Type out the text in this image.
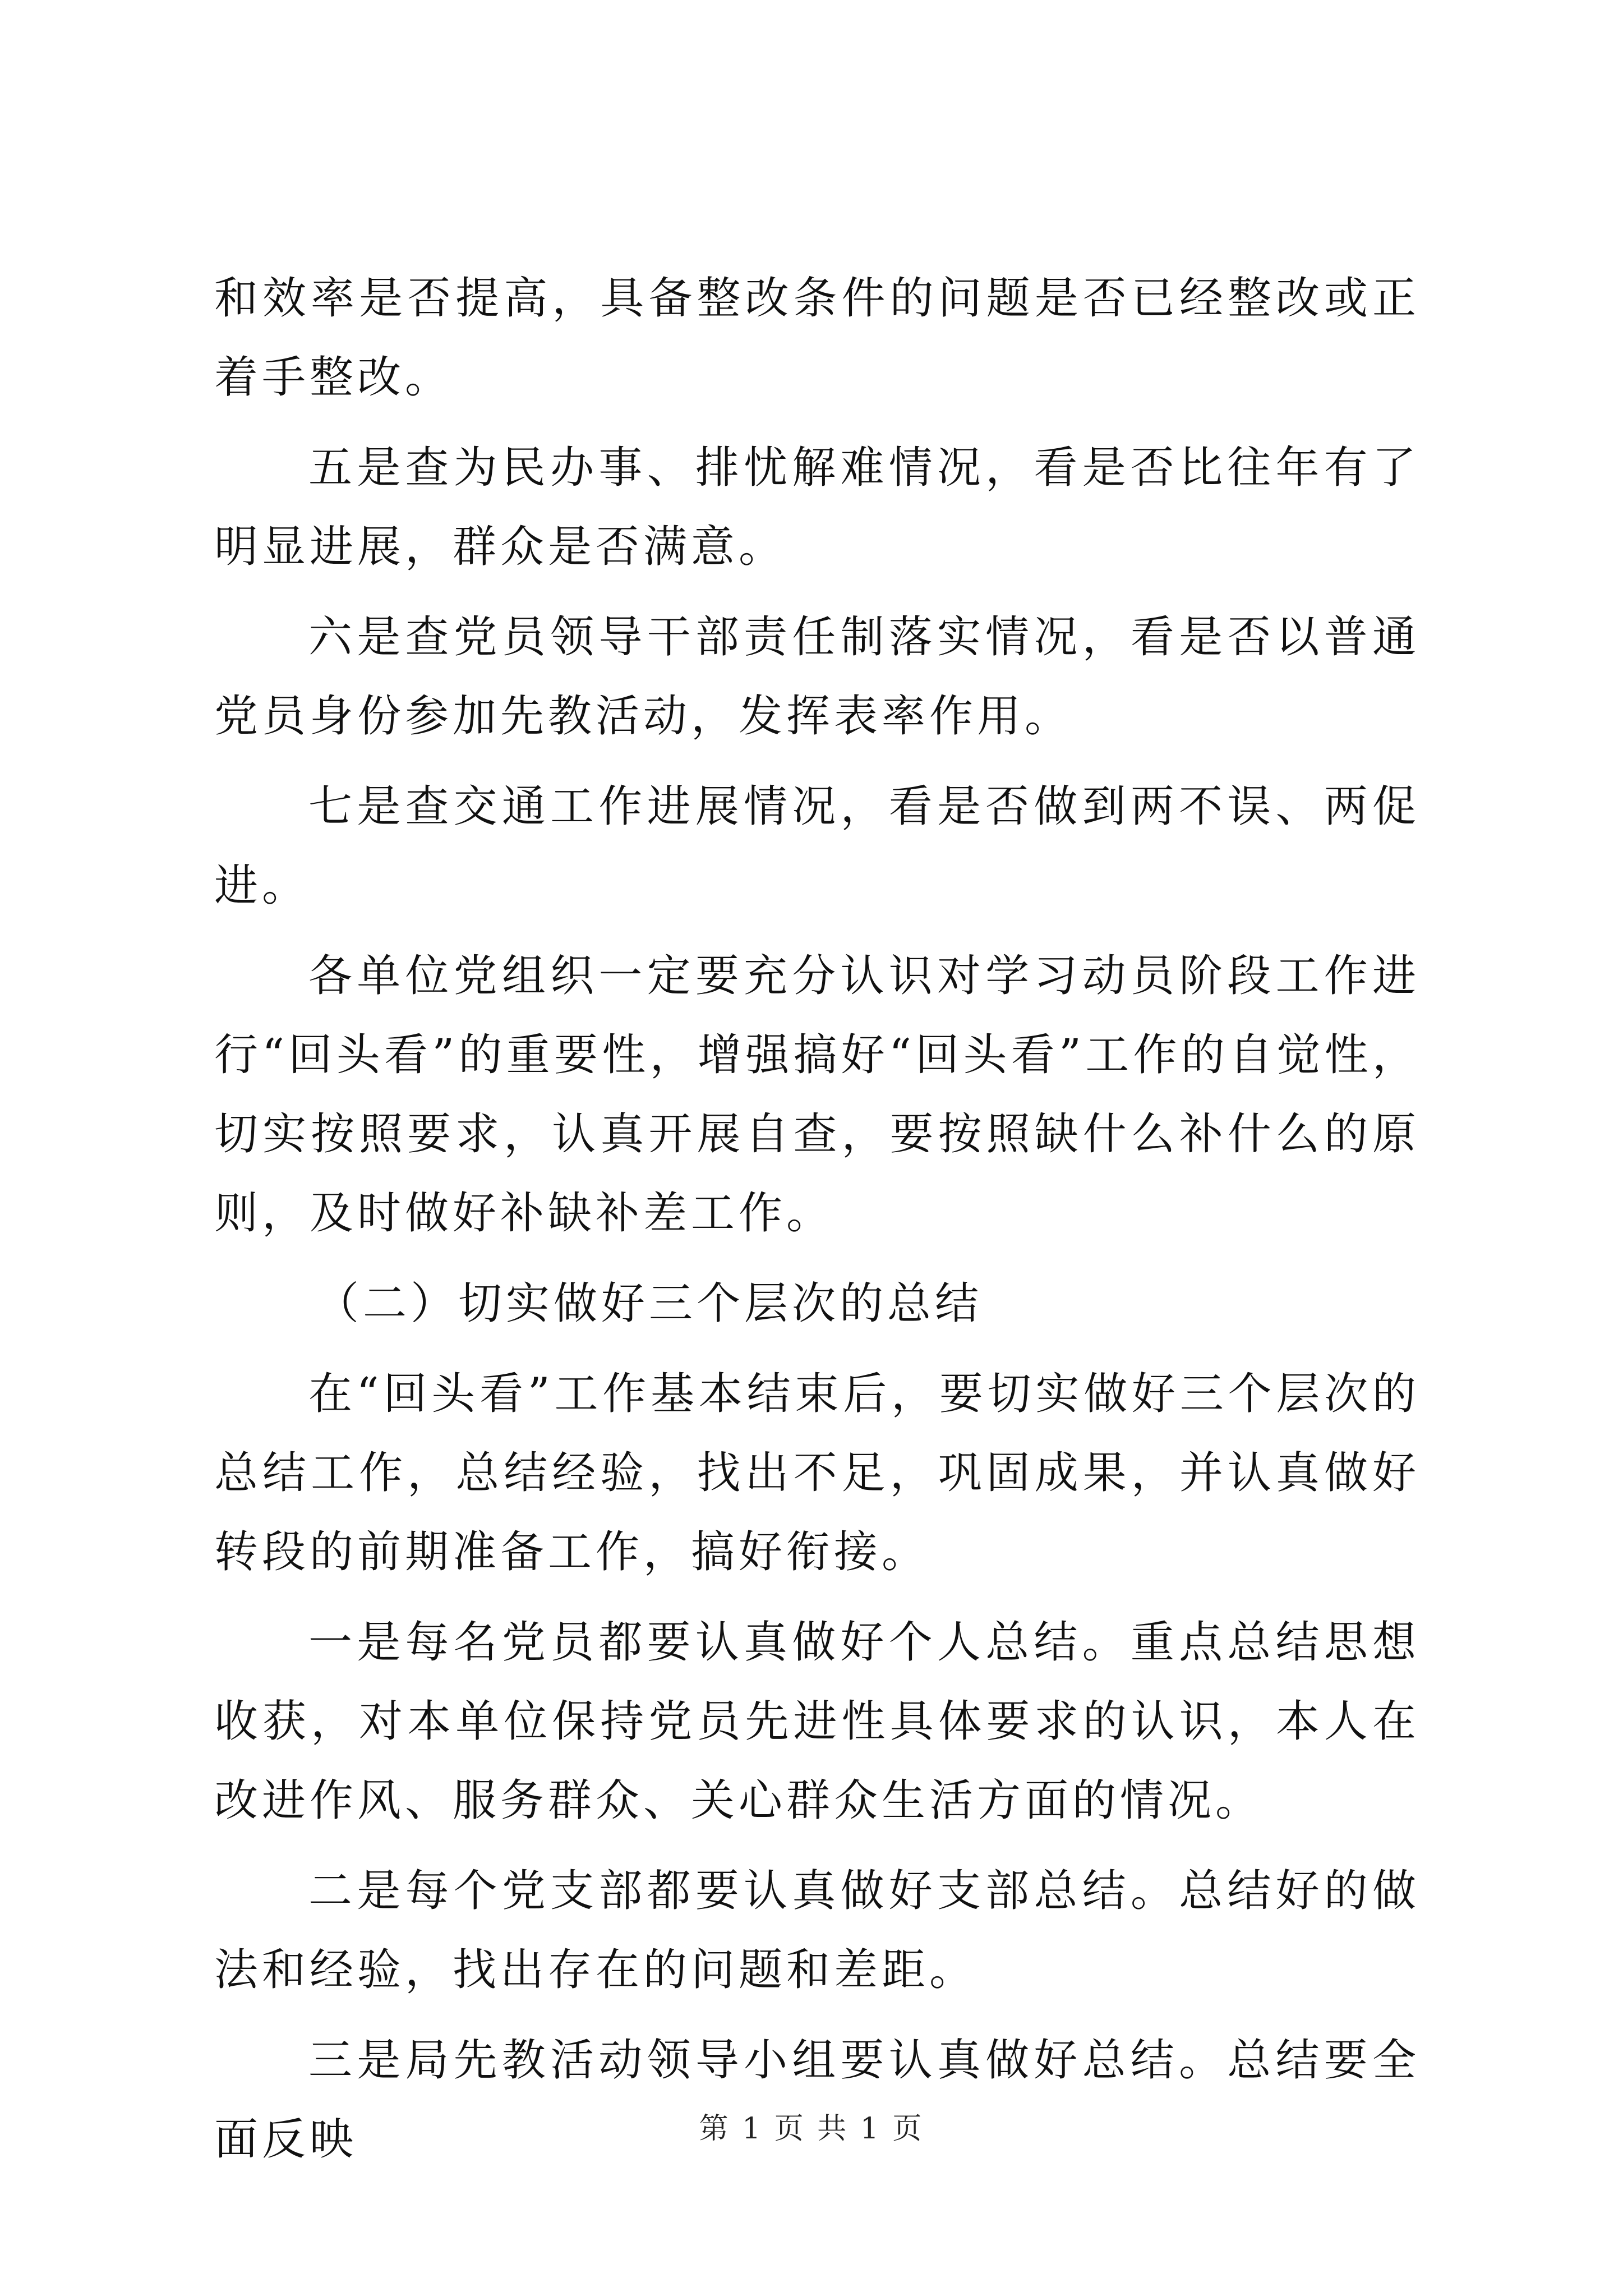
和效率是否提高，具备整改条件的问题是否已经整改或正着手整改。

五是查为民办事、排忧解难情况，看是否比往年有了明显进展，群众是否满意。

六是查党员领导干部责任制落实情况，看是否以普通党员身份参加先教活动，发挥表率作用。

七是查交通工作进展情况，看是否做到两不误、两促进。

各单位党组织一定要充分认识对学习动员阶段工作进行“回头看”的重要性，增强搞好“回头看”工作的自觉性，切实按照要求，认真开展自查，要按照缺什么补什么的原则，及时做好补缺补差工作。

（二）切实做好三个层次的总结

在“回头看”工作基本结束后，要切实做好三个层次的总结工作，总结经验，找出不足，巩固成果，并认真做好转段的前期准备工作，搞好衔接。

一是每名党员都要认真做好个人总结。重点总结思想收获，对本单位保持党员先进性具体要求的认识，本人在改进作风、服务群众、关心群众生活方面的情况。

二是每个党支部都要认真做好支部总结。总结好的做法和经验，找出存在的问题和差距。

三是局先教活动领导小组要认真做好总结。总结要全面反映	第 1 页 共 1 页
